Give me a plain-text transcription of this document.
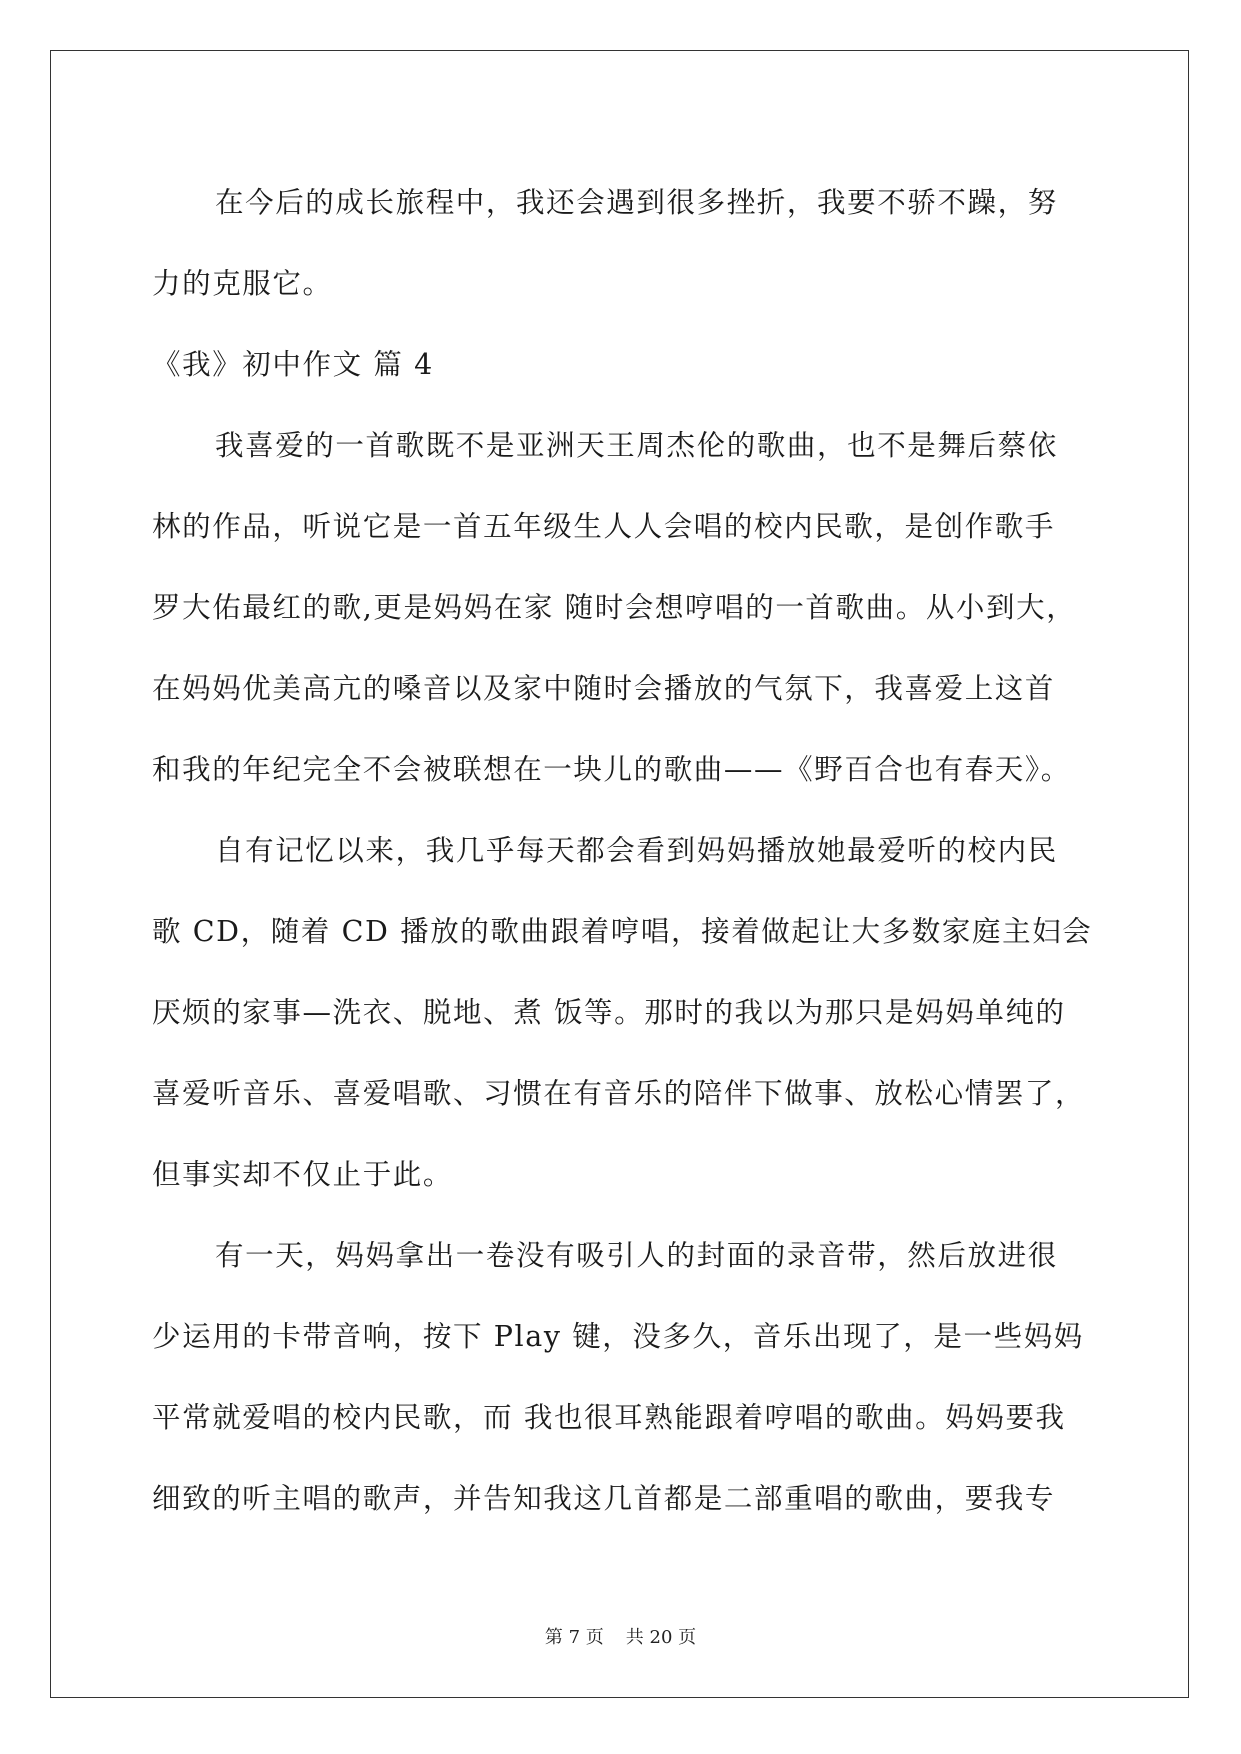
在今后的成长旅程中，我还会遇到很多挫折，我要不骄不躁，努
力的克服它。
《我》初中作文 篇 4
我喜爱的一首歌既不是亚洲天王周杰伦的歌曲，也不是舞后蔡依
林的作品，听说它是一首五年级生人人会唱的校内民歌，是创作歌手
罗大佑最红的歌,更是妈妈在家 随时会想哼唱的一首歌曲。从小到大，
在妈妈优美高亢的嗓音以及家中随时会播放的气氛下，我喜爱上这首
和我的年纪完全不会被联想在一块儿的歌曲——《野百合也有春天》。
自有记忆以来，我几乎每天都会看到妈妈播放她最爱听的校内民
歌 CD，随着 CD 播放的歌曲跟着哼唱，接着做起让大多数家庭主妇会
厌烦的家事—洗衣、脱地、煮 饭等。那时的我以为那只是妈妈单纯的
喜爱听音乐、喜爱唱歌、习惯在有音乐的陪伴下做事、放松心情罢了，
但事实却不仅止于此。
有一天，妈妈拿出一卷没有吸引人的封面的录音带，然后放进很
少运用的卡带音响，按下 Play 键，没多久，音乐出现了，是一些妈妈
平常就爱唱的校内民歌，而 我也很耳熟能跟着哼唱的歌曲。妈妈要我
细致的听主唱的歌声，并告知我这几首都是二部重唱的歌曲，要我专
第 7 页 共 20 页
